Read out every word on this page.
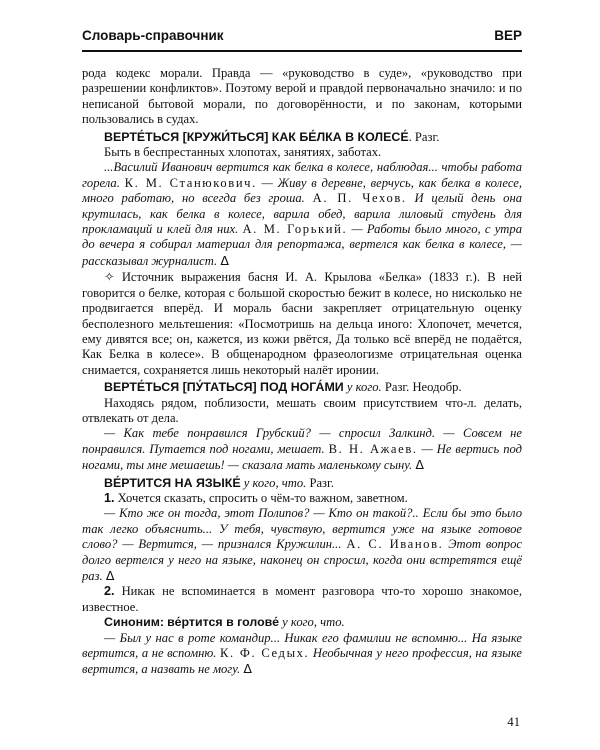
Словарь-справочник	ВЕР

рода кодекс морали. Правда — «руководство в суде», «руководство при разрешении конфликтов». Поэтому верой и правдой первоначально значило: и по неписаной бытовой морали, по договорённости, и по законам, которыми пользовались в судах.

ВЕРТЕ́ТЬСЯ [КРУЖИ́ТЬСЯ] КАК БЕ́ЛКА В КОЛЕСЕ́. Разг.

Быть в беспрестанных хлопотах, занятиях, заботах.

...Василий Иванович вертится как белка в колесе, наблюдая... чтобы работа горела. К. М. Станюкович. — Живу в деревне, верчусь, как белка в колесе, много работаю, но всегда без гроша. А. П. Чехов. И целый день она крутилась, как белка в колесе, варила обед, варила лиловый студень для прокламаций и клей для них. А. М. Горький. — Работы было много, с утра до вечера я собирал материал для репортажа, вертелся как белка в колесе, — рассказывал журналист. Δ

✧ Источник выражения басня И. А. Крылова «Белка» (1833 г.). В ней говорится о белке, которая с большой скоростью бежит в колесе, но нисколько не продвигается вперёд. И мораль басни закрепляет отрицательную оценку бесполезного мельтешения: «Посмотришь на дельца иного: Хлопочет, мечется, ему дивятся все; он, кажется, из кожи рвётся, Да только всё вперёд не подаётся, Как Белка в колесе». В общенародном фразеологизме отрицательная оценка снимается, сохраняется лишь некоторый налёт иронии.

ВЕРТЕ́ТЬСЯ [ПУ́ТАТЬСЯ] ПОД НОГА́МИ у кого. Разг. Неодобр.

Находясь рядом, поблизости, мешать своим присутствием что-л. делать, отвлекать от дела.

— Как тебе понравился Грубский? — спросил Залкинд. — Совсем не понравился. Путается под ногами, мешает. В. Н. Ажаев. — Не вертись под ногами, ты мне мешаешь! — сказала мать маленькому сыну. Δ

ВЕ́РТИТСЯ НА ЯЗЫКЕ́ у кого, что. Разг.

1. Хочется сказать, спросить о чём-то важном, заветном.

— Кто же он тогда, этот Полипов? — Кто он такой?.. Если бы это было так легко объяснить... У тебя, чувствую, вертится уже на языке готовое слово? — Вертится, — признался Кружилин... А. С. Иванов. Этот вопрос долго вертелся у него на языке, наконец он спросил, когда они встретятся ещё раз. Δ

2. Никак не вспоминается в момент разговора что-то хорошо знакомое, известное.

Синоним: ве́ртится в голове́ у кого, что.

— Был у нас в роте командир... Никак его фамилии не вспомню... На языке вертится, а не вспомню. К. Ф. Седых. Необычная у него профессия, на языке вертится, а назвать не могу. Δ

41
